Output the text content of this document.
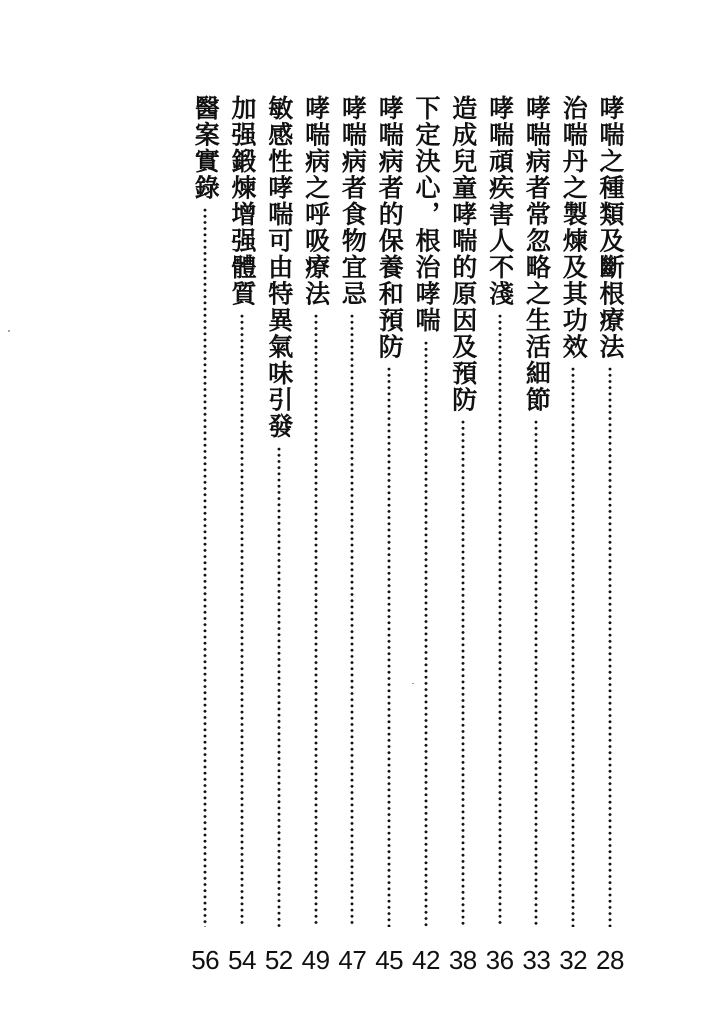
哮喘之種類及斷根療法
28
治喘丹之製煉及其功效
32
哮喘病者常忽略之生活細節
33
哮喘頑疾害人不淺
36
造成兒童哮喘的原因及預防
38
下定決心，根治哮喘
42
哮喘病者的保養和預防
45
哮喘病者食物宜忌
47
哮喘病之呼吸療法
49
敏感性哮喘可由特異氣味引發
52
加强鍛煉增强體質
54
醫案實錄
56
